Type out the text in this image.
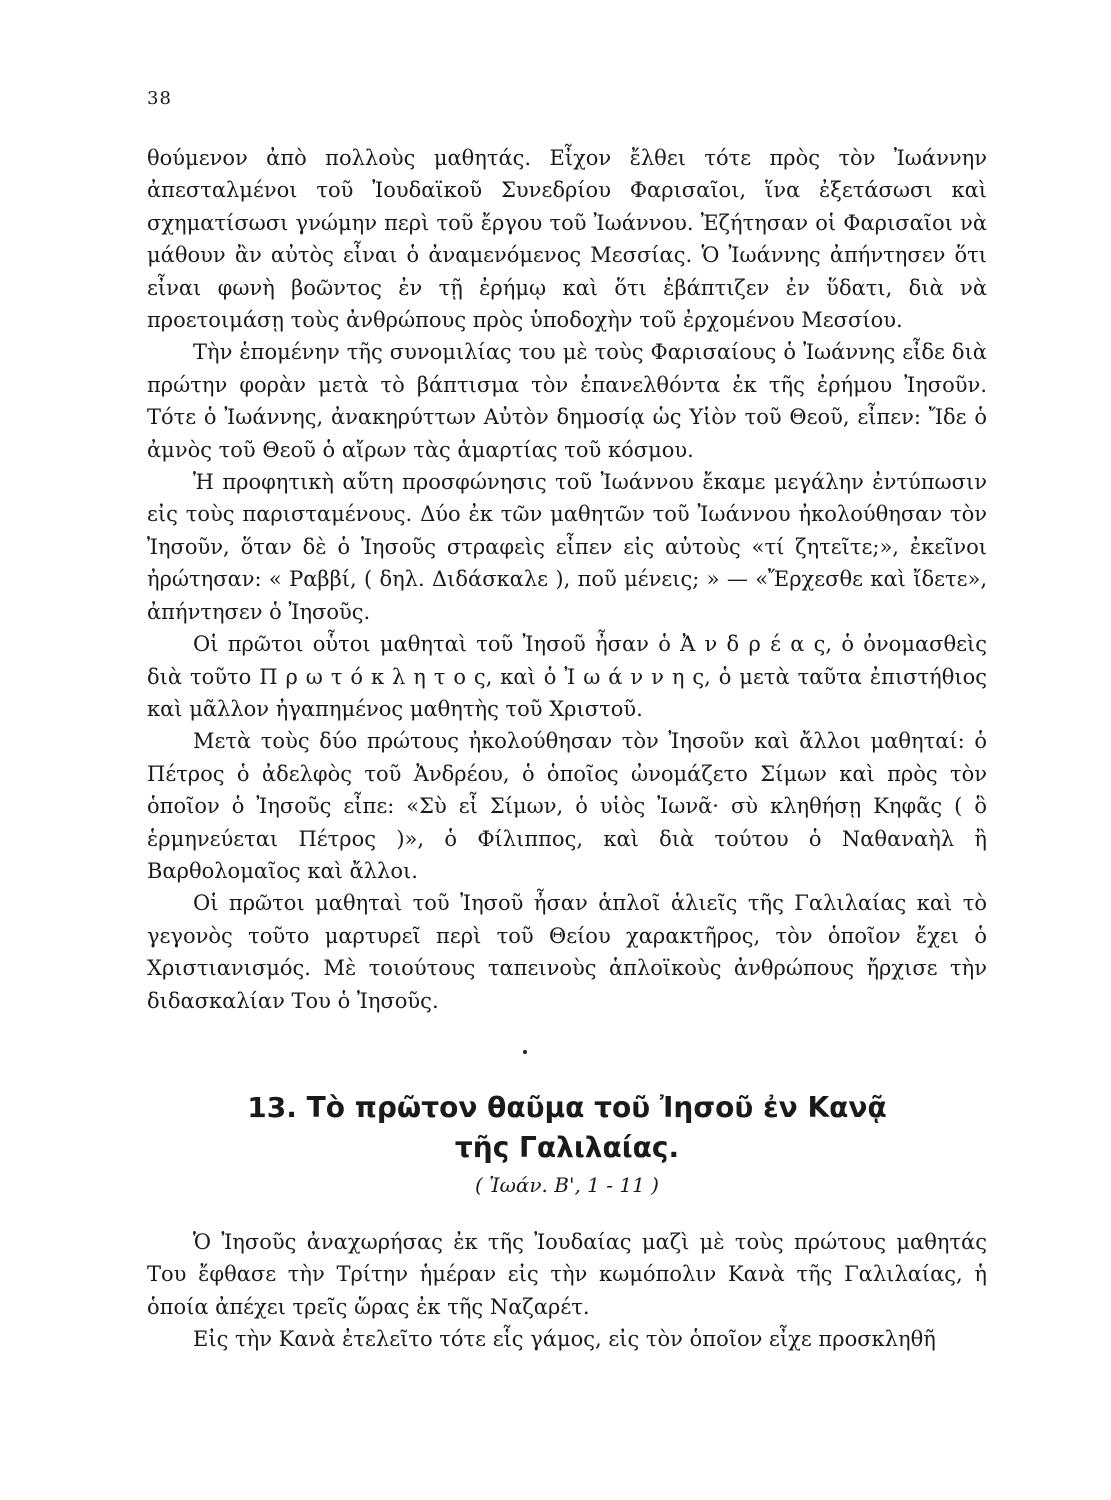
38

θούμενον ἀπὸ πολλοὺς μαθητάς. Εἶχον ἔλθει τότε πρὸς τὸν Ἰωάννην ἀπεσταλμένοι τοῦ Ἰουδαϊκοῦ Συνεδρίου Φαρισαῖοι, ἵνα ἐξετάσωσι καὶ σχηματίσωσι γνώμην περὶ τοῦ ἔργου τοῦ Ἰωάννου. Ἐζήτησαν οἱ Φαρισαῖοι νὰ μάθουν ἂν αὐτὸς εἶναι ὁ ἀναμενόμενος Μεσσίας. Ὁ Ἰωάννης ἀπήντησεν ὅτι εἶναι φωνὴ βοῶντος ἐν τῇ ἐρήμῳ καὶ ὅτι ἐβάπτιζεν ἐν ὕδατι, διὰ νὰ προετοιμάσῃ τοὺς ἀνθρώπους πρὸς ὑποδοχὴν τοῦ ἐρχομένου Μεσσίου.

Τὴν ἑπομένην τῆς συνομιλίας του μὲ τοὺς Φαρισαίους ὁ Ἰωάννης εἶδε διὰ πρώτην φορὰν μετὰ τὸ βάπτισμα τὸν ἐπανελθόντα ἐκ τῆς ἐρήμου Ἰησοῦν. Τότε ὁ Ἰωάννης, ἀνακηρύττων Αὐτὸν δημοσίᾳ ὡς Υἱὸν τοῦ Θεοῦ, εἶπεν: Ἴδε ὁ ἀμνὸς τοῦ Θεοῦ ὁ αἴρων τὰς ἁμαρτίας τοῦ κόσμου.

Ἡ προφητικὴ αὕτη προσφώνησις τοῦ Ἰωάννου ἔκαμε μεγάλην ἐντύπωσιν εἰς τοὺς παρισταμένους. Δύο ἐκ τῶν μαθητῶν τοῦ Ἰωάννου ἠκολούθησαν τὸν Ἰησοῦν, ὅταν δὲ ὁ Ἰησοῦς στραφεὶς εἶπεν εἰς αὐτοὺς «τί ζητεῖτε;», ἐκεῖνοι ἠρώτησαν: « Ραββί, ( δηλ. Διδάσκαλε ), ποῦ μένεις; » — «Ἔρχεσθε καὶ ἴδετε», ἀπήντησεν ὁ Ἰησοῦς.

Οἱ πρῶτοι οὗτοι μαθηταὶ τοῦ Ἰησοῦ ἦσαν ὁ Ἀ ν δ ρ έ α ς, ὁ ὀνομασθεὶς διὰ τοῦτο Π ρ ω τ ό κ λ η τ ο ς, καὶ ὁ Ἰ ω ά ν ν η ς, ὁ μετὰ ταῦτα ἐπιστήθιος καὶ μᾶλλον ἠγαπημένος μαθητὴς τοῦ Χριστοῦ.

Μετὰ τοὺς δύο πρώτους ἠκολούθησαν τὸν Ἰησοῦν καὶ ἄλλοι μαθηταί: ὁ Πέτρος ὁ ἀδελφὸς τοῦ Ἀνδρέου, ὁ ὁποῖος ὠνομάζετο Σίμων καὶ πρὸς τὸν ὁποῖον ὁ Ἰησοῦς εἶπε: «Σὺ εἶ Σίμων, ὁ υἱὸς Ἰωνᾶ· σὺ κληθήσῃ Κηφᾶς ( ὃ ἑρμηνεύεται Πέτρος )», ὁ Φίλιππος, καὶ διὰ τούτου ὁ Ναθαναὴλ ἢ Βαρθολομαῖος καὶ ἄλλοι.

Οἱ πρῶτοι μαθηταὶ τοῦ Ἰησοῦ ἦσαν ἁπλοῖ ἁλιεῖς τῆς Γαλιλαίας καὶ τὸ γεγονὸς τοῦτο μαρτυρεῖ περὶ τοῦ Θείου χαρακτῆρος, τὸν ὁποῖον ἔχει ὁ Χριστιανισμός. Μὲ τοιούτους ταπεινοὺς ἁπλοϊκοὺς ἀνθρώπους ἤρχισε τὴν διδασκαλίαν Του ὁ Ἰησοῦς.

13. Τὸ πρῶτον θαῦμα τοῦ Ἰησοῦ ἐν Κανᾷ
τῆς Γαλιλαίας.
( Ἰωάν. Β', 1 - 11 )

Ὁ Ἰησοῦς ἀναχωρήσας ἐκ τῆς Ἰουδαίας μαζὶ μὲ τοὺς πρώτους μαθητάς Του ἔφθασε τὴν Τρίτην ἡμέραν εἰς τὴν κωμόπολιν Κανὰ τῆς Γαλιλαίας, ἡ ὁποία ἀπέχει τρεῖς ὥρας ἐκ τῆς Ναζαρέτ.

Εἰς τὴν Κανὰ ἐτελεῖτο τότε εἷς γάμος, εἰς τὸν ὁποῖον εἶχε προσκληθῆ
